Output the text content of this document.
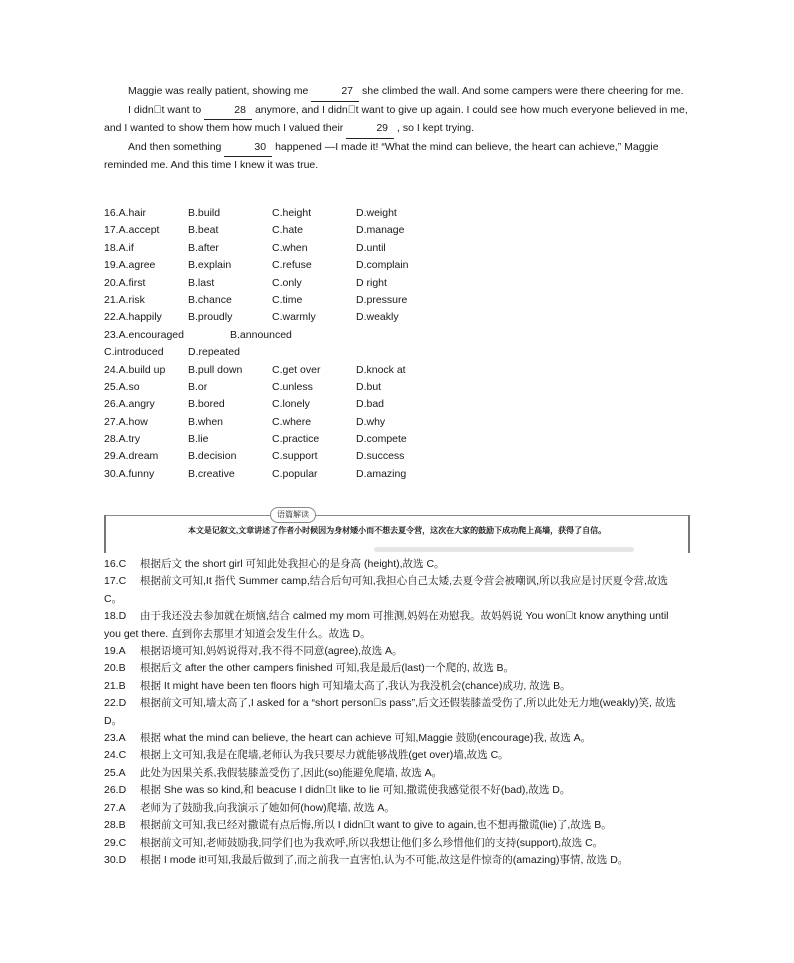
Maggie was really patient, showing me	27 she climbed the wall. And some campers were there cheering for me.

I didn t want to	28 anymore, and I didn t want to give up again. I could see how much everyone believed in me, and I wanted to show them how much I valued their	29 , so I kept trying.

And then something	30 happened —I made it! “What the mind can believe, the heart can achieve,” Maggie reminded me. And this time I knew it was true.

16.A.hair	B.build	C.height	D.weight
17.A.accept	B.beat	C.hate	D.manage
18.A.if	B.after	C.when	D.until
19.A.agree	B.explain	C.refuse	D.complain
20.A.first	B.last	C.only	D right
21.A.risk	B.chance	C.time	D.pressure
22.A.happily B.proudly	C.warmly	D.weakly
23.A.encouraged	B.announced
C.introduced D.repeated
24.A.build up B.pull down	C.get over	D.knock at
25.A.so	B.or	C.unless	D.but
26.A.angry	B.bored	C.lonely	D.bad
27.A.how	B.when	C.where	D.why
28.A.try	B.lie	C.practice	D.compete
29.A.dream	B.decision	C.support	D.success
30.A.funny	B.creative	C.popular	D.amazing
语篇解读
本文是记叙文,文章讲述了作者小时候因为身材矮小而不想去夏令营，这次在大家的鼓励下成功爬上高墙，获得了自信。

16.C 根据后文 the short girl 可知此处我担心的是身高 (height),故选 C。

17.C 根据前文可知,It 指代 Summer camp,结合后句可知,我担心自己太矮,去夏令营会被嘲讽,所以我应是讨厌夏令营,故选 C。

18.D 由于我还没去参加就在烦恼,结合 calmed my mom 可推测,妈妈在劝慰我。故妈妈说 You won t know anything until you get there. 直到你去那里才知道会发生什么。故选 D。

19.A 根据语境可知,妈妈说得对,我不得不同意(agree),故选 A。

20.B 根据后文 after the other campers finished 可知,我是最后(last)一个爬的, 故选 B。

21.B 根据 It might have been ten floors high 可知墙太高了,我认为我没机会(chance)成功, 故选 B。

22.D 根据前文可知,墙太高了,I asked for a “short person s pass”,后文还假装膝盖受伤了,所以此处无力地(weakly)笑, 故选 D。

23.A 根据 what the mind can believe, the heart can achieve 可知,Maggie 鼓励(encourage)我, 故选 A。

24.C 根据上文可知,我是在爬墙,老师认为我只要尽力就能够战胜(get over)墙,故选 C。

25.A 此处为因果关系,我假装膝盖受伤了,因此(so)能避免爬墙, 故选 A。

26.D 根据 She was so kind,和 beacuse I didn t like to lie 可知,撒谎使我感觉很不好(bad),故选 D。

27.A 老师为了鼓励我,向我演示了她如何(how)爬墙, 故选 A。

28.B 根据前文可知,我已经对撒谎有点后悔,所以 I didn t want to give to again,也不想再撒谎(lie)了,故选 B。

29.C 根据前文可知,老师鼓励我,同学们也为我欢呼,所以我想让他们多么珍惜他们的支持(support),故选 C。

30.D 根据 I mode it!可知,我最后做到了,而之前我一直害怕,认为不可能,故这是件惊奇的(amazing)事情, 故选 D。
